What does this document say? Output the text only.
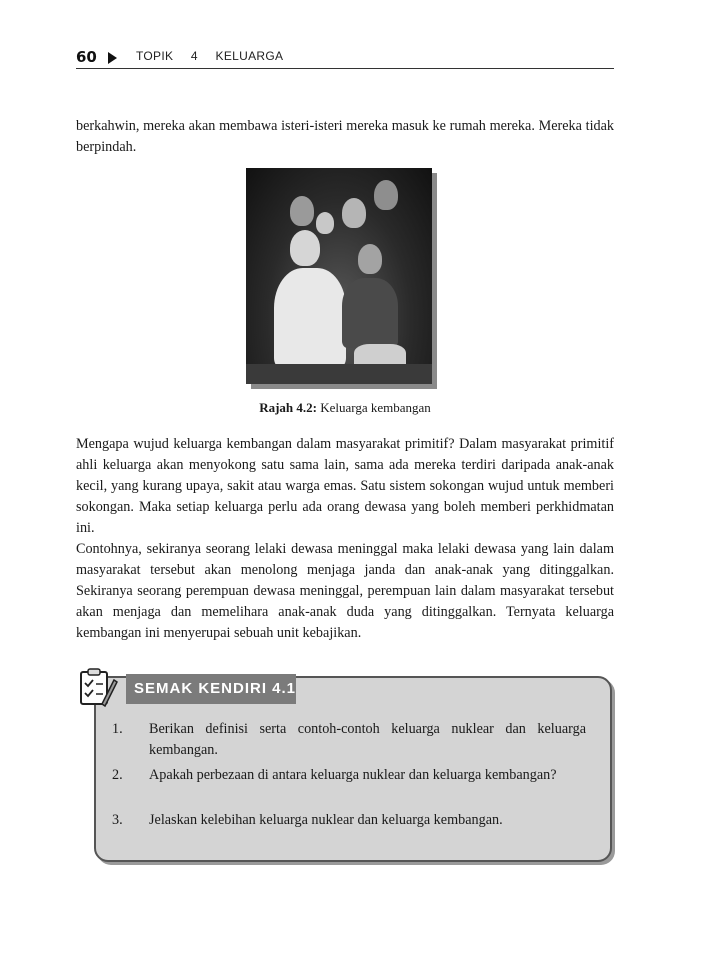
60	TOPIK 4 KELUARGA

berkahwin, mereka akan membawa isteri-isteri mereka masuk ke rumah mereka. Mereka tidak berpindah.

Rajah 4.2: Keluarga kembangan

Mengapa wujud keluarga kembangan dalam masyarakat primitif? Dalam masyarakat primitif ahli keluarga akan menyokong satu sama lain, sama ada mereka terdiri daripada anak-anak kecil, yang kurang upaya, sakit atau warga emas. Satu sistem sokongan wujud untuk memberi sokongan. Maka setiap keluarga perlu ada orang dewasa yang boleh memberi perkhidmatan ini.

Contohnya, sekiranya seorang lelaki dewasa meninggal maka lelaki dewasa yang lain dalam masyarakat tersebut akan menolong menjaga janda dan anak-anak yang ditinggalkan. Sekiranya seorang perempuan dewasa meninggal, perempuan lain dalam masyarakat tersebut akan menjaga dan memelihara anak-anak duda yang ditinggalkan. Ternyata keluarga kembangan ini menyerupai sebuah unit kebajikan.

SEMAK KENDIRI 4.1
1.	Berikan definisi serta contoh-contoh keluarga nuklear dan keluarga kembangan.
2.	Apakah perbezaan di antara keluarga nuklear dan keluarga kembangan?
3.	Jelaskan kelebihan keluarga nuklear dan keluarga kembangan.
